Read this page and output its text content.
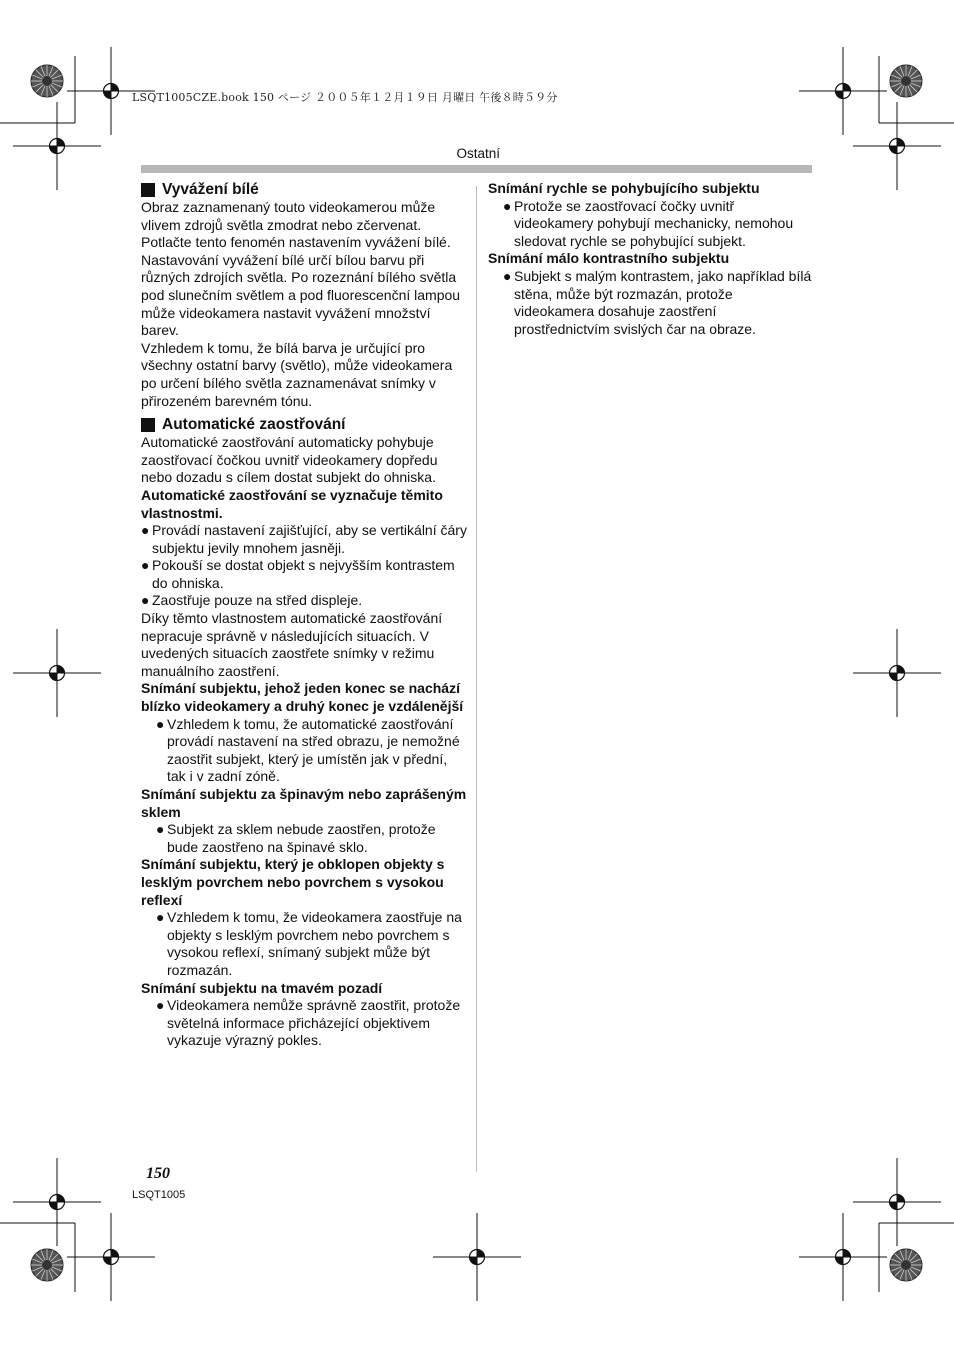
LSQT1005CZE.book 150 ページ ２００５年１２月１９日 月曜日 午後８時５９分
Ostatní
Vyvážení bílé

Obraz zaznamenaný touto videokamerou může vlivem zdrojů světla zmodrat nebo zčervenat. Potlačte tento fenomén nastavením vyvážení bílé. Nastavování vyvážení bílé určí bílou barvu při různých zdrojích světla. Po rozeznání bílého světla pod slunečním světlem a pod fluorescenční lampou může videokamera nastavit vyvážení množství barev.

Vzhledem k tomu, že bílá barva je určující pro všechny ostatní barvy (světlo), může videokamera po určení bílého světla zaznamenávat snímky v přirozeném barevném tónu.

Automatické zaostřování

Automatické zaostřování automaticky pohybuje zaostřovací čočkou uvnitř videokamery dopředu nebo dozadu s cílem dostat subjekt do ohniska.

Automatické zaostřování se vyznačuje těmito vlastnostmi.

● Provádí nastavení zajišťující, aby se vertikální čáry subjektu jevily mnohem jasněji.
● Pokouší se dostat objekt s nejvyšším kontrastem do ohniska.
● Zaostřuje pouze na střed displeje.

Díky těmto vlastnostem automatické zaostřování nepracuje správně v následujících situacích. V uvedených situacích zaostřete snímky v režimu manuálního zaostření.

Snímání subjektu, jehož jeden konec se nachází blízko videokamery a druhý konec je vzdálenější

● Vzhledem k tomu, že automatické zaostřování provádí nastavení na střed obrazu, je nemožné zaostřit subjekt, který je umístěn jak v přední, tak i v zadní zóně.

Snímání subjektu za špinavým nebo zaprášeným sklem

● Subjekt za sklem nebude zaostřen, protože bude zaostřeno na špinavé sklo.

Snímání subjektu, který je obklopen objekty s lesklým povrchem nebo povrchem s vysokou reflexí

● Vzhledem k tomu, že videokamera zaostřuje na objekty s lesklým povrchem nebo povrchem s vysokou reflexí, snímaný subjekt může být rozmazán.

Snímání subjektu na tmavém pozadí

● Videokamera nemůže správně zaostřit, protože světelná informace přicházející objektivem vykazuje výrazný pokles.

Snímání rychle se pohybujícího subjektu

● Protože se zaostřovací čočky uvnitř videokamery pohybují mechanicky, nemohou sledovat rychle se pohybující subjekt.

Snímání málo kontrastního subjektu

● Subjekt s malým kontrastem, jako například bílá stěna, může být rozmazán, protože videokamera dosahuje zaostření prostřednictvím svislých čar na obraze.
150
LSQT1005
